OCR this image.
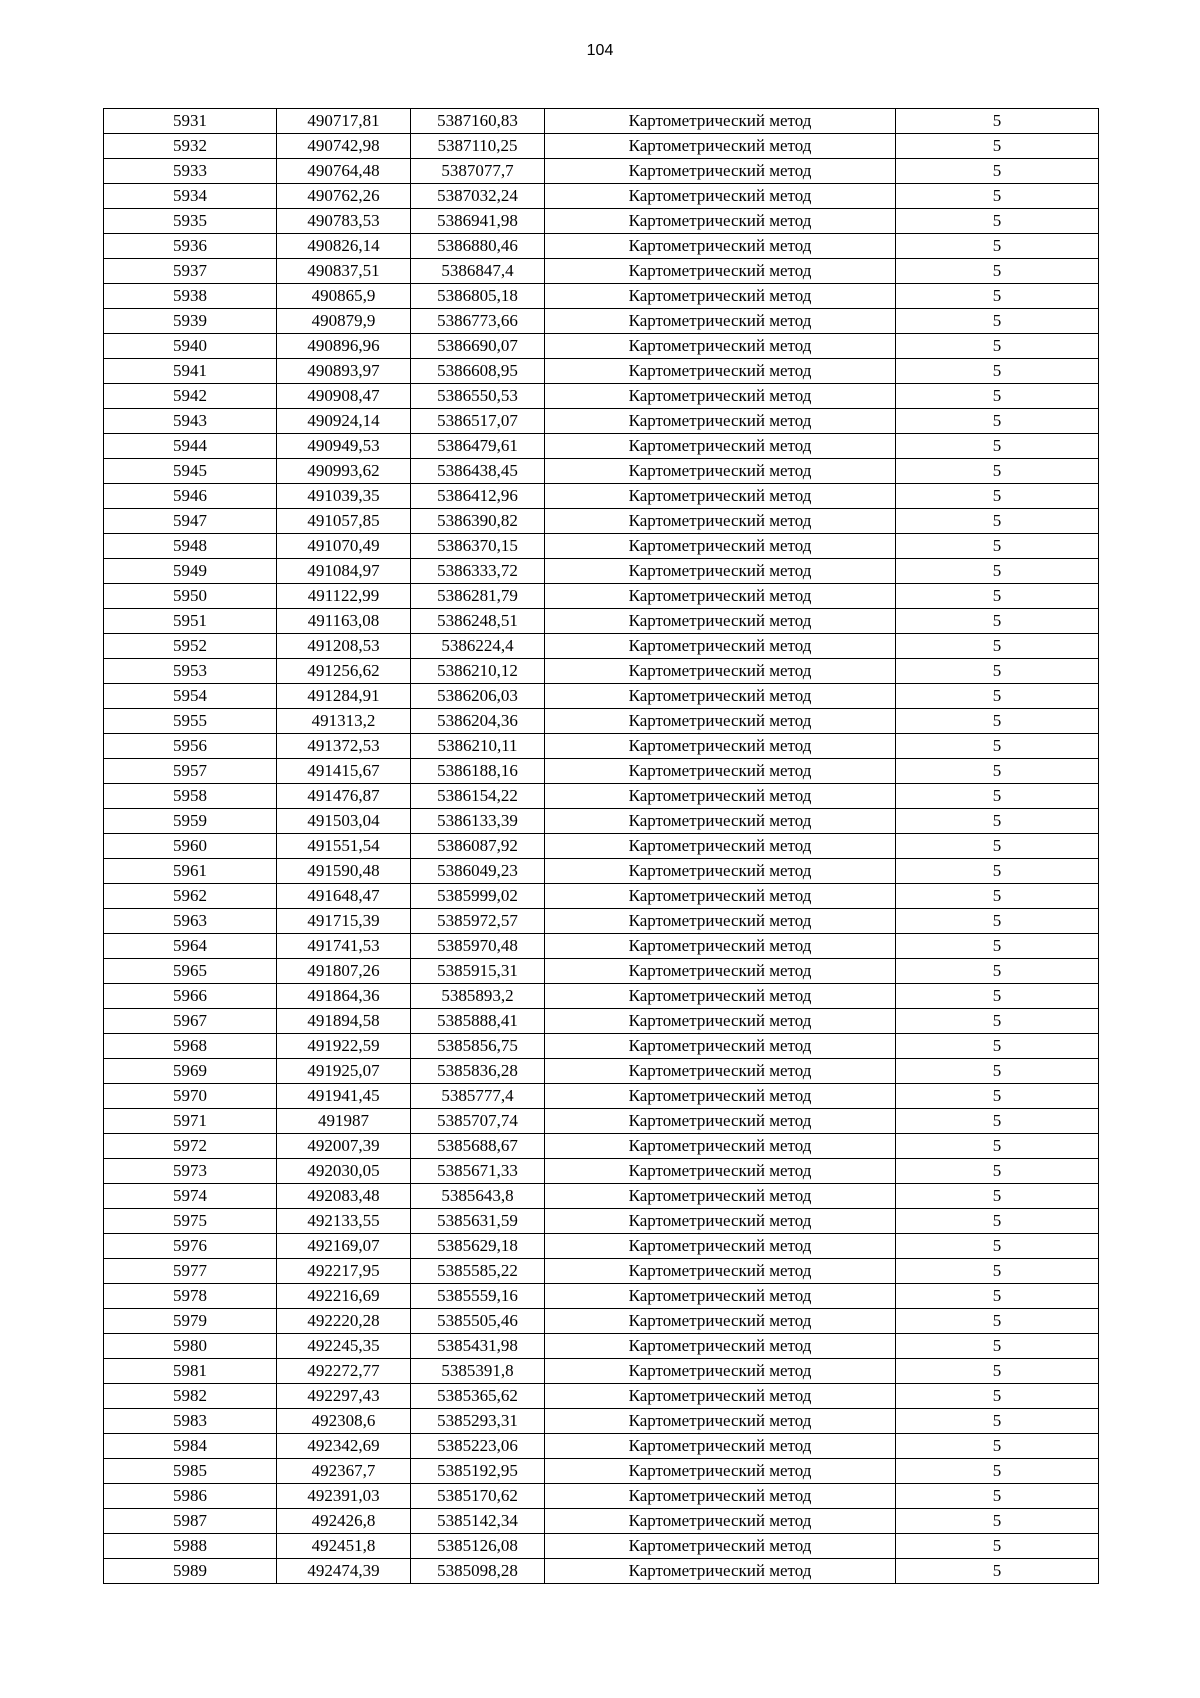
104
5931	490717,81	5387160,83	Картометрический метод	5
5932	490742,98	5387110,25	Картометрический метод	5
5933	490764,48	5387077,7	Картометрический метод	5
5934	490762,26	5387032,24	Картометрический метод	5
5935	490783,53	5386941,98	Картометрический метод	5
5936	490826,14	5386880,46	Картометрический метод	5
5937	490837,51	5386847,4	Картометрический метод	5
5938	490865,9	5386805,18	Картометрический метод	5
5939	490879,9	5386773,66	Картометрический метод	5
5940	490896,96	5386690,07	Картометрический метод	5
5941	490893,97	5386608,95	Картометрический метод	5
5942	490908,47	5386550,53	Картометрический метод	5
5943	490924,14	5386517,07	Картометрический метод	5
5944	490949,53	5386479,61	Картометрический метод	5
5945	490993,62	5386438,45	Картометрический метод	5
5946	491039,35	5386412,96	Картометрический метод	5
5947	491057,85	5386390,82	Картометрический метод	5
5948	491070,49	5386370,15	Картометрический метод	5
5949	491084,97	5386333,72	Картометрический метод	5
5950	491122,99	5386281,79	Картометрический метод	5
5951	491163,08	5386248,51	Картометрический метод	5
5952	491208,53	5386224,4	Картометрический метод	5
5953	491256,62	5386210,12	Картометрический метод	5
5954	491284,91	5386206,03	Картометрический метод	5
5955	491313,2	5386204,36	Картометрический метод	5
5956	491372,53	5386210,11	Картометрический метод	5
5957	491415,67	5386188,16	Картометрический метод	5
5958	491476,87	5386154,22	Картометрический метод	5
5959	491503,04	5386133,39	Картометрический метод	5
5960	491551,54	5386087,92	Картометрический метод	5
5961	491590,48	5386049,23	Картометрический метод	5
5962	491648,47	5385999,02	Картометрический метод	5
5963	491715,39	5385972,57	Картометрический метод	5
5964	491741,53	5385970,48	Картометрический метод	5
5965	491807,26	5385915,31	Картометрический метод	5
5966	491864,36	5385893,2	Картометрический метод	5
5967	491894,58	5385888,41	Картометрический метод	5
5968	491922,59	5385856,75	Картометрический метод	5
5969	491925,07	5385836,28	Картометрический метод	5
5970	491941,45	5385777,4	Картометрический метод	5
5971	491987	5385707,74	Картометрический метод	5
5972	492007,39	5385688,67	Картометрический метод	5
5973	492030,05	5385671,33	Картометрический метод	5
5974	492083,48	5385643,8	Картометрический метод	5
5975	492133,55	5385631,59	Картометрический метод	5
5976	492169,07	5385629,18	Картометрический метод	5
5977	492217,95	5385585,22	Картометрический метод	5
5978	492216,69	5385559,16	Картометрический метод	5
5979	492220,28	5385505,46	Картометрический метод	5
5980	492245,35	5385431,98	Картометрический метод	5
5981	492272,77	5385391,8	Картометрический метод	5
5982	492297,43	5385365,62	Картометрический метод	5
5983	492308,6	5385293,31	Картометрический метод	5
5984	492342,69	5385223,06	Картометрический метод	5
5985	492367,7	5385192,95	Картометрический метод	5
5986	492391,03	5385170,62	Картометрический метод	5
5987	492426,8	5385142,34	Картометрический метод	5
5988	492451,8	5385126,08	Картометрический метод	5
5989	492474,39	5385098,28	Картометрический метод	5
